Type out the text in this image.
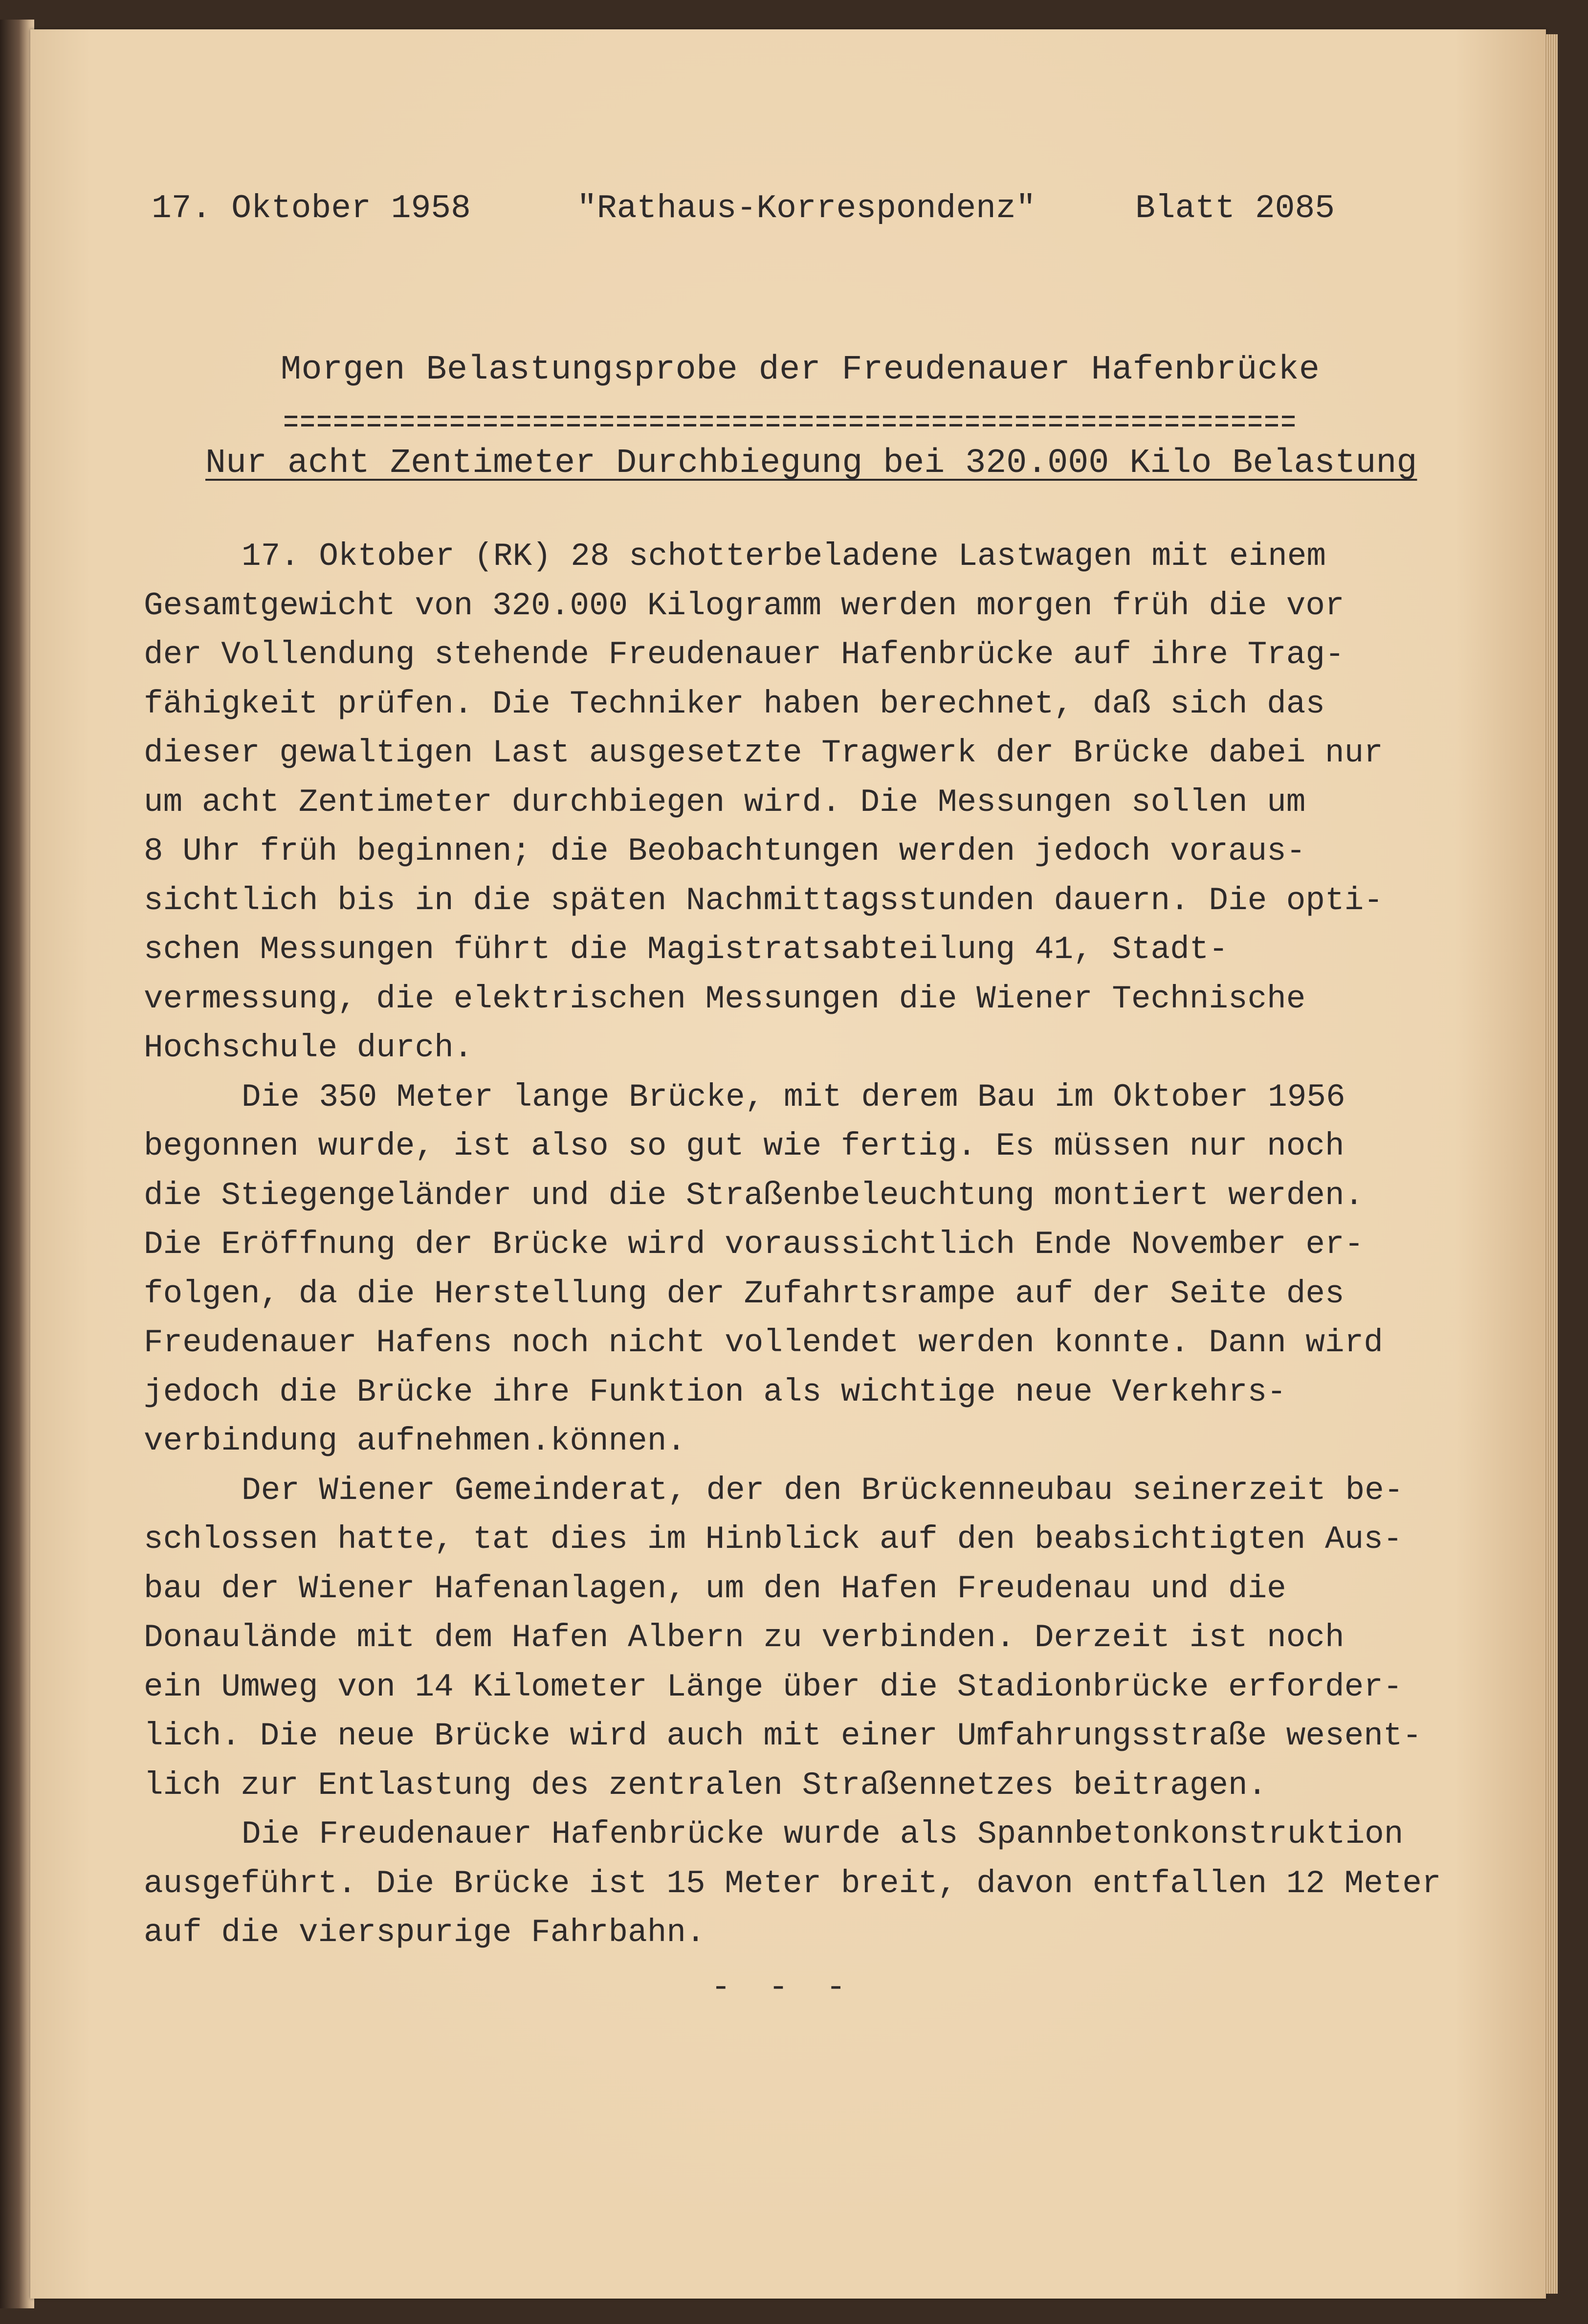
17. Oktober 1958	"Rathaus-Korrespondenz"	Blatt 2085
Morgen Belastungsprobe der Freudenauer Hafenbrücke
Nur acht Zentimeter Durchbiegung bei 320.000 Kilo Belastung
17. Oktober (RK) 28 schotterbeladene Lastwagen mit einem
Gesamtgewicht von 320.000 Kilogramm werden morgen früh die vor
der Vollendung stehende Freudenauer Hafenbrücke auf ihre Trag-
fähigkeit prüfen. Die Techniker haben berechnet, daß sich das
dieser gewaltigen Last ausgesetzte Tragwerk der Brücke dabei nur
um acht Zentimeter durchbiegen wird. Die Messungen sollen um
8 Uhr früh beginnen; die Beobachtungen werden jedoch voraus-
sichtlich bis in die späten Nachmittagsstunden dauern. Die opti-
schen Messungen führt die Magistratsabteilung 41, Stadt-
vermessung, die elektrischen Messungen die Wiener Technische
Hochschule durch.
Die 350 Meter lange Brücke, mit derem Bau im Oktober 1956
begonnen wurde, ist also so gut wie fertig. Es müssen nur noch
die Stiegengeländer und die Straßenbeleuchtung montiert werden.
Die Eröffnung der Brücke wird voraussichtlich Ende November er-
folgen, da die Herstellung der Zufahrtsrampe auf der Seite des
Freudenauer Hafens noch nicht vollendet werden konnte. Dann wird
jedoch die Brücke ihre Funktion als wichtige neue Verkehrs-
verbindung aufnehmen.können.
Der Wiener Gemeinderat, der den Brückenneubau seinerzeit be-
schlossen hatte, tat dies im Hinblick auf den beabsichtigten Aus-
bau der Wiener Hafenanlagen, um den Hafen Freudenau und die
Donaulände mit dem Hafen Albern zu verbinden. Derzeit ist noch
ein Umweg von 14 Kilometer Länge über die Stadionbrücke erforder-
lich. Die neue Brücke wird auch mit einer Umfahrungsstraße wesent-
lich zur Entlastung des zentralen Straßennetzes beitragen.
Die Freudenauer Hafenbrücke wurde als Spannbetonkonstruktion
ausgeführt. Die Brücke ist 15 Meter breit, davon entfallen 12 Meter
auf die vierspurige Fahrbahn.
- - -
